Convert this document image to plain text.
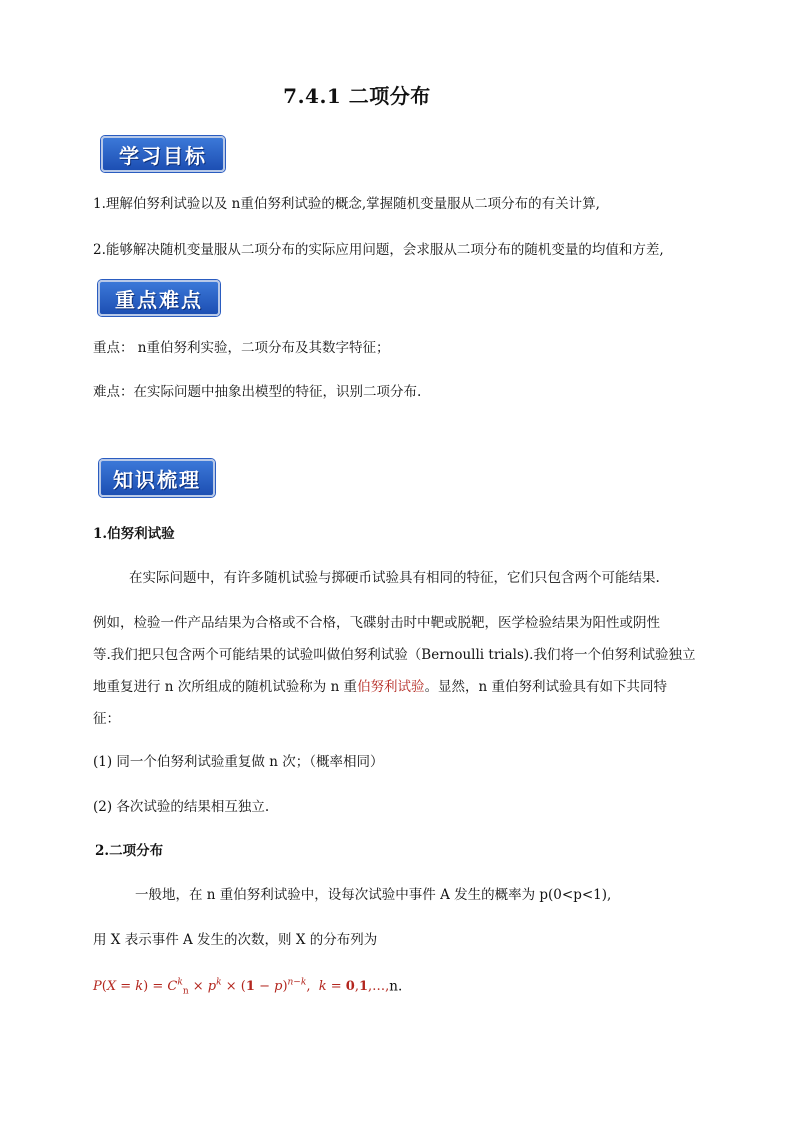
7.4.1 二项分布
学习目标
1.理解伯努利试验以及 n重伯努利试验的概念,掌握随机变量服从二项分布的有关计算,
2.能够解决随机变量服从二项分布的实际应用问题，会求服从二项分布的随机变量的均值和方差,
重点难点
重点： n重伯努利实验，二项分布及其数字特征；
难点：在实际问题中抽象出模型的特征，识别二项分布.
知识梳理
1.伯努利试验
在实际问题中，有许多随机试验与掷硬币试验具有相同的特征，它们只包含两个可能结果.
例如，检验一件产品结果为合格或不合格，飞碟射击时中靶或脱靶，医学检验结果为阳性或阴性
等.我们把只包含两个可能结果的试验叫做伯努利试验（Bernoulli trials).我们将一个伯努利试验独立
地重复进行 n 次所组成的随机试验称为 n 重伯努利试验。显然，n 重伯努利试验具有如下共同特
征：
(1) 同一个伯努利试验重复做 n 次；（概率相同）
(2) 各次试验的结果相互独立.
2.二项分布
一般地，在 n 重伯努利试验中，设每次试验中事件 A 发生的概率为 p(0<p<1),
用 X 表示事件 A 发生的次数，则 X 的分布列为
$P(X = k) = C^k_n \times p^k \times (1 - p)^{n-k}$,  k = 0,1,…,n.
